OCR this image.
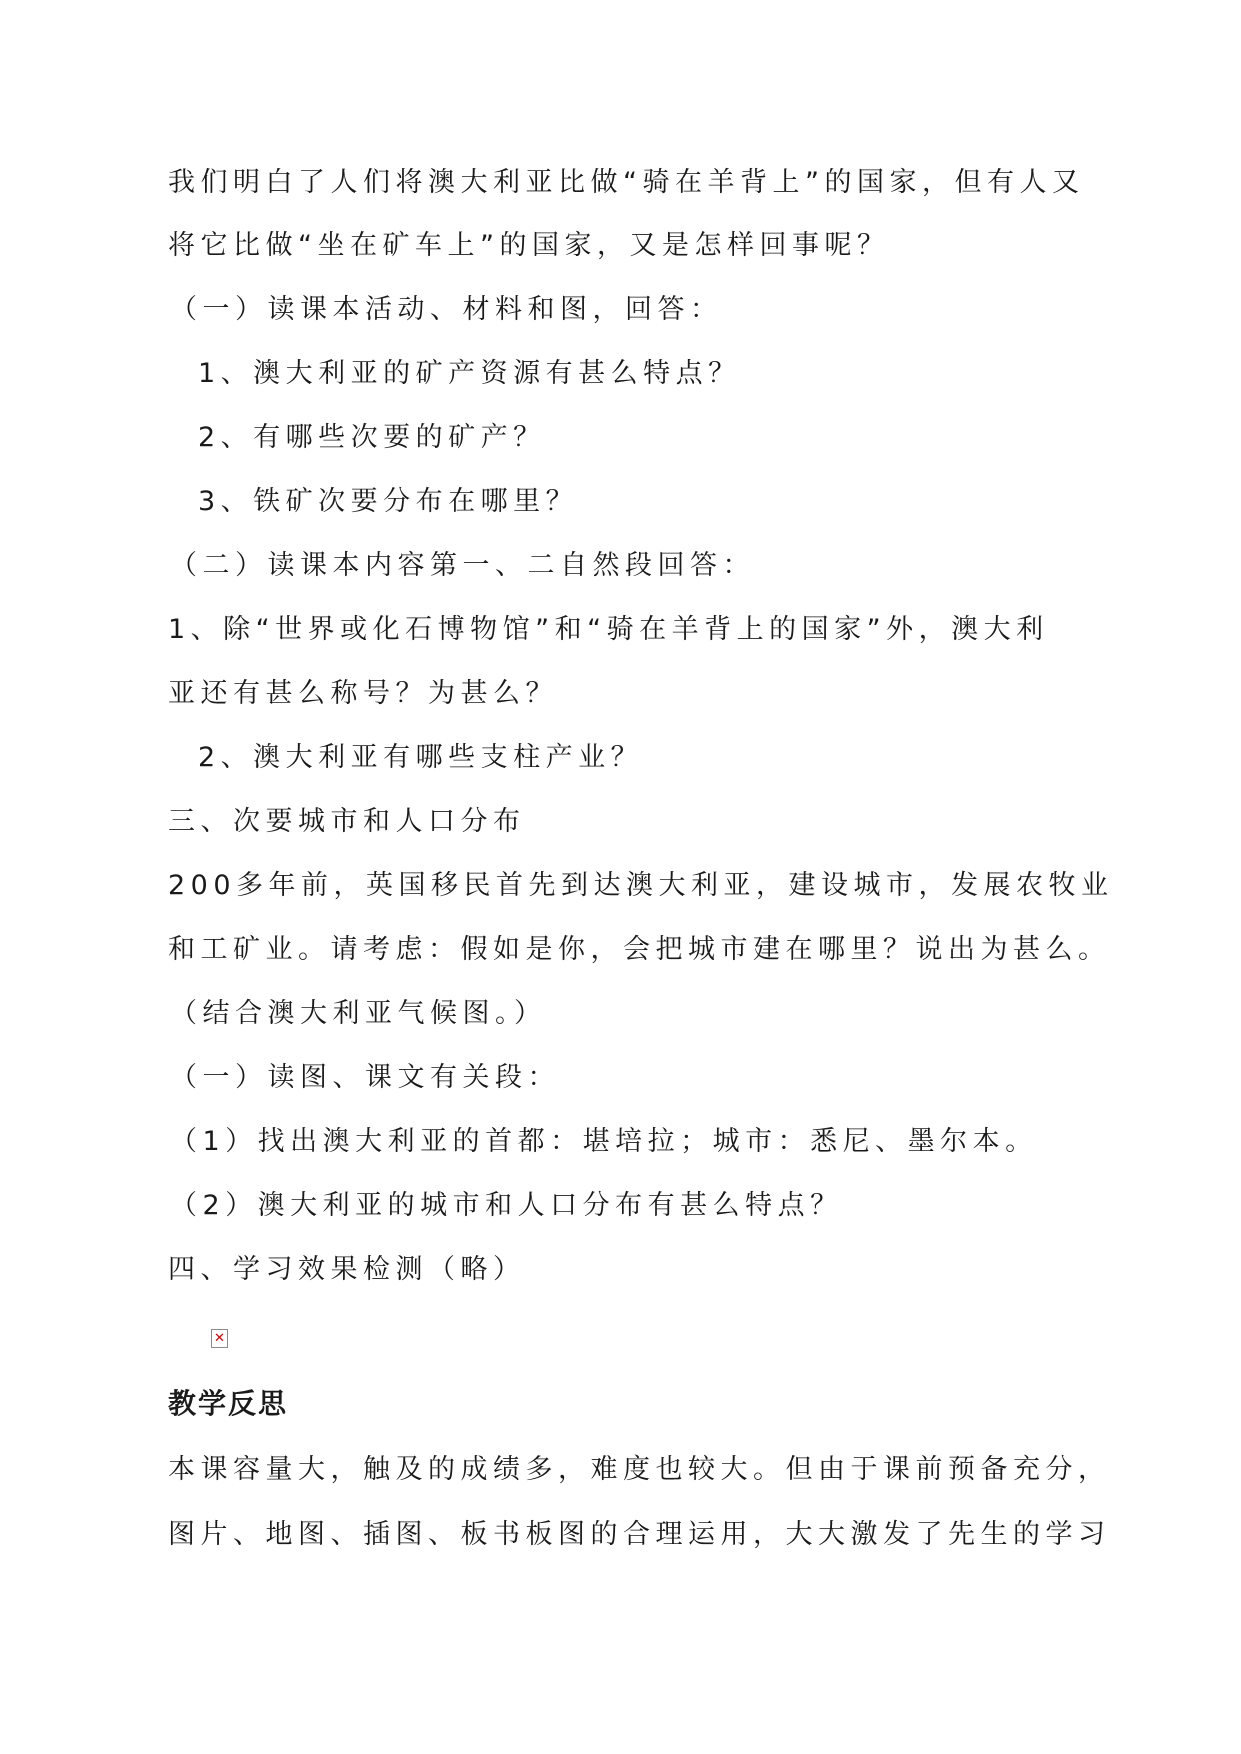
我们明白了人们将澳大利亚比做“骑在羊背上”的国家，但有人又
将它比做“坐在矿车上”的国家，又是怎样回事呢？
（一）读课本活动、材料和图，回答：
1、澳大利亚的矿产资源有甚么特点？
2、有哪些次要的矿产？
3、铁矿次要分布在哪里？
（二）读课本内容第一、二自然段回答：
1、除“世界或化石博物馆”和“骑在羊背上的国家”外，澳大利
亚还有甚么称号？为甚么？
2、澳大利亚有哪些支柱产业？
三、次要城市和人口分布
200多年前，英国移民首先到达澳大利亚，建设城市，发展农牧业
和工矿业。请考虑：假如是你，会把城市建在哪里？说出为甚么。
（结合澳大利亚气候图。）
（一）读图、课文有关段：
（1）找出澳大利亚的首都：堪培拉；城市：悉尼、墨尔本。
（2）澳大利亚的城市和人口分布有甚么特点？
四、学习效果检测（略）
✕
教学反思
本课容量大，触及的成绩多，难度也较大。但由于课前预备充分，
图片、地图、插图、板书板图的合理运用，大大激发了先生的学习
